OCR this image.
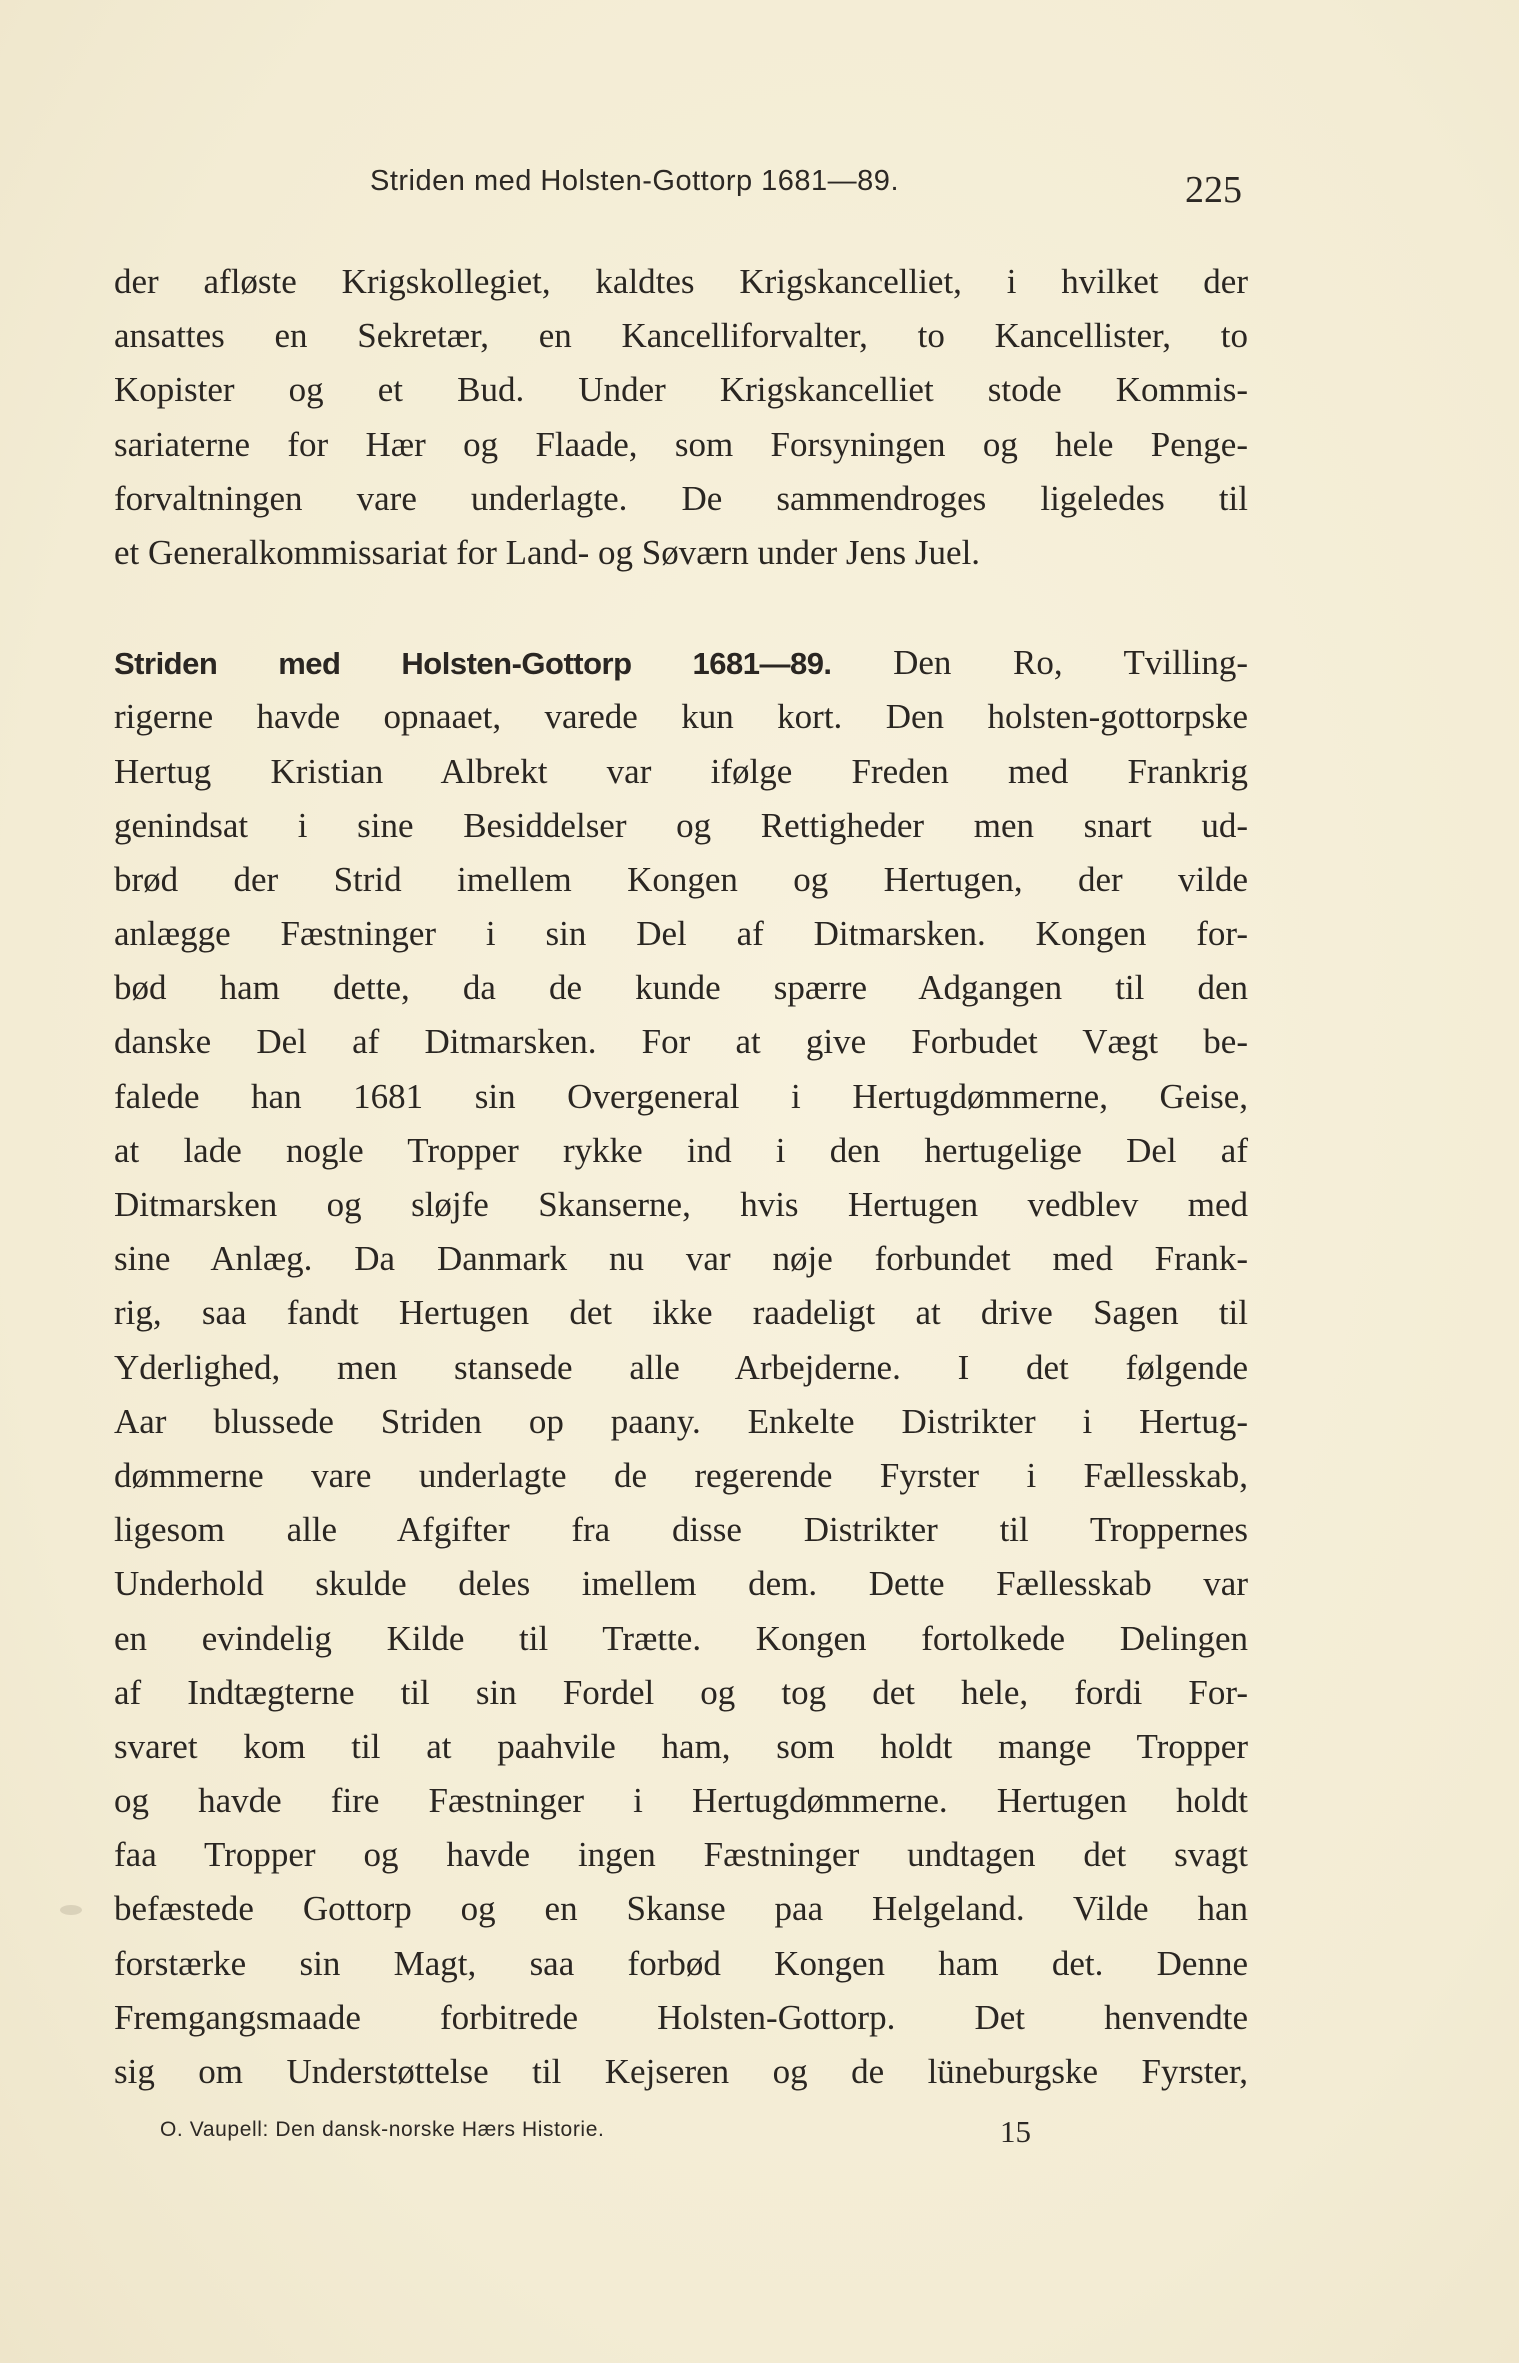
Striden med Holsten-Gottorp 1681—89.	225
der afløste Krigskollegiet, kaldtes Krigskancelliet, i hvilket der
ansattes en Sekretær, en Kancelliforvalter, to Kancellister, to
Kopister og et Bud. Under Krigskancelliet stode Kommis-
sariaterne for Hær og Flaade, som Forsyningen og hele Penge-
forvaltningen vare underlagte. De sammendroges ligeledes til
et Generalkommissariat for Land- og Søværn under Jens Juel.
Striden med Holsten-Gottorp 1681—89. Den Ro, Tvilling-
rigerne havde opnaaet, varede kun kort. Den holsten-gottorpske
Hertug Kristian Albrekt var ifølge Freden med Frankrig
genindsat i sine Besiddelser og Rettigheder men snart ud-
brød der Strid imellem Kongen og Hertugen, der vilde
anlægge Fæstninger i sin Del af Ditmarsken. Kongen for-
bød ham dette, da de kunde spærre Adgangen til den
danske Del af Ditmarsken. For at give Forbudet Vægt be-
falede han 1681 sin Overgeneral i Hertugdømmerne, Geise,
at lade nogle Tropper rykke ind i den hertugelige Del af
Ditmarsken og sløjfe Skanserne, hvis Hertugen vedblev med
sine Anlæg. Da Danmark nu var nøje forbundet med Frank-
rig, saa fandt Hertugen det ikke raadeligt at drive Sagen til
Yderlighed, men stansede alle Arbejderne. I det følgende
Aar blussede Striden op paany. Enkelte Distrikter i Hertug-
dømmerne vare underlagte de regerende Fyrster i Fællesskab,
ligesom alle Afgifter fra disse Distrikter til Troppernes
Underhold skulde deles imellem dem. Dette Fællesskab var
en evindelig Kilde til Trætte. Kongen fortolkede Delingen
af Indtægterne til sin Fordel og tog det hele, fordi For-
svaret kom til at paahvile ham, som holdt mange Tropper
og havde fire Fæstninger i Hertugdømmerne. Hertugen holdt
faa Tropper og havde ingen Fæstninger undtagen det svagt
befæstede Gottorp og en Skanse paa Helgeland. Vilde han
forstærke sin Magt, saa forbød Kongen ham det. Denne
Fremgangsmaade forbitrede Holsten-Gottorp. Det henvendte
sig om Understøttelse til Kejseren og de lüneburgske Fyrster,
O. Vaupell: Den dansk-norske Hærs Historie.	15
